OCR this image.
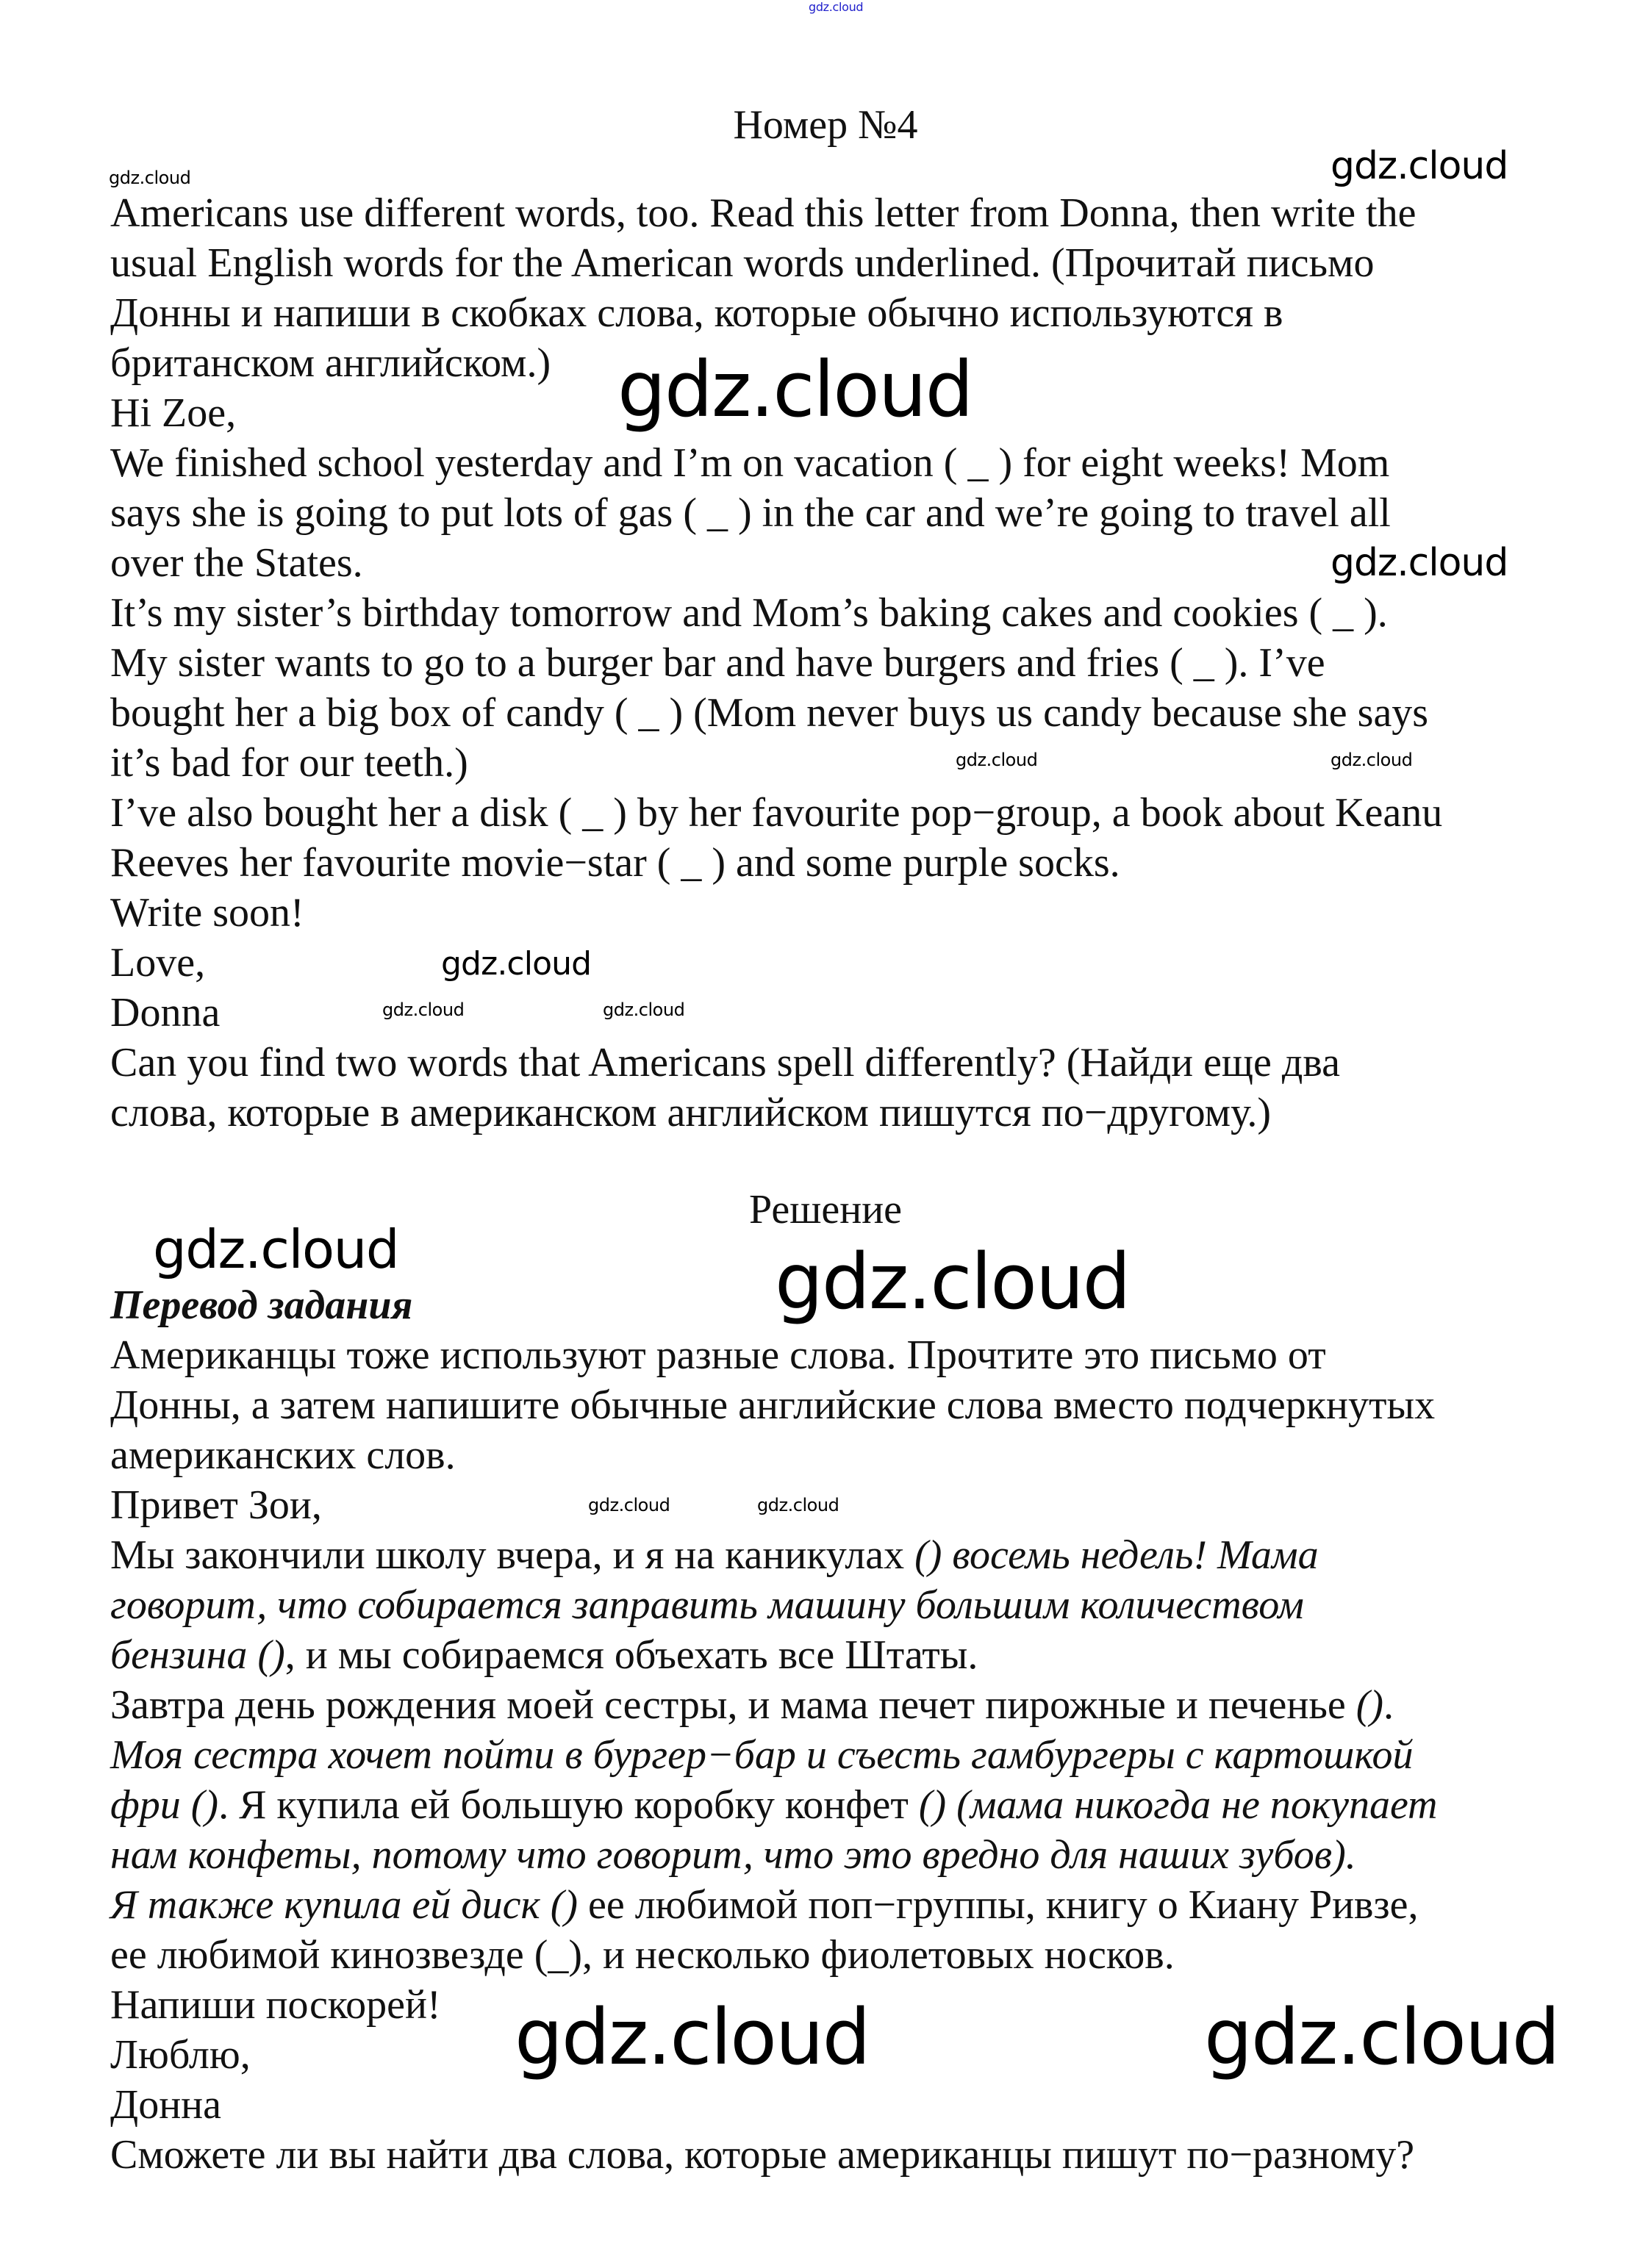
Номер №4
Americans use different words, too. Read this letter from Donna, then write the
usual English words for the American words underlined. (Прочитай письмо
Донны и напиши в скобках слова, которые обычно используются в
британском английском.)
Hi Zoe,
We finished school yesterday and I’m on vacation ( _ ) for eight weeks! Mom
says she is going to put lots of gas ( _ ) in the car and we’re going to travel all
over the States.
It’s my sister’s birthday tomorrow and Mom’s baking cakes and cookies ( _ ).
My sister wants to go to a burger bar and have burgers and fries ( _ ). I’ve
bought her a big box of candy ( _ ) (Mom never buys us candy because she says
it’s bad for our teeth.)
I’ve also bought her a disk ( _ ) by her favourite pop−group, a book about Keanu
Reeves her favourite movie−star ( _ ) and some purple socks.
Write soon!
Love,
Donna
Can you find two words that Americans spell differently? (Найди еще два
слова, которые в американском английском пишутся по−другому.)
Решение
Перевод задания
Американцы тоже используют разные слова. Прочтите это письмо от
Донны, а затем напишите обычные английские слова вместо подчеркнутых
американских слов.
Привет Зои,
Мы закончили школу вчера, и я на каникулах () восемь недель! Мама
говорит, что собирается заправить машину большим количеством
бензина (), и мы собираемся объехать все Штаты.
Завтра день рождения моей сестры, и мама печет пирожные и печенье ().
Моя сестра хочет пойти в бургер−бар и съесть гамбургеры с картошкой
фри (). Я купила ей большую коробку конфет () (мама никогда не покупает
нам конфеты, потому что говорит, что это вредно для наших зубов).
Я также купила ей диск () ее любимой поп−группы, книгу о Киану Ривзе,
ее любимой кинозвезде (_), и несколько фиолетовых носков.
Напиши поскорей!
Люблю,
Донна
Сможете ли вы найти два слова, которые американцы пишут по−разному?
gdz.cloud
gdz.cloud	gdz.cloud
gdz.cloud
gdz.cloud
gdz.cloud
gdz.cloud
gdz.cloud
gdz.cloud
gdz.cloud
gdz.cloud	gdz.cloud
gdz.cloud	gdz.cloud
gdz.cloud	gdz.cloud
